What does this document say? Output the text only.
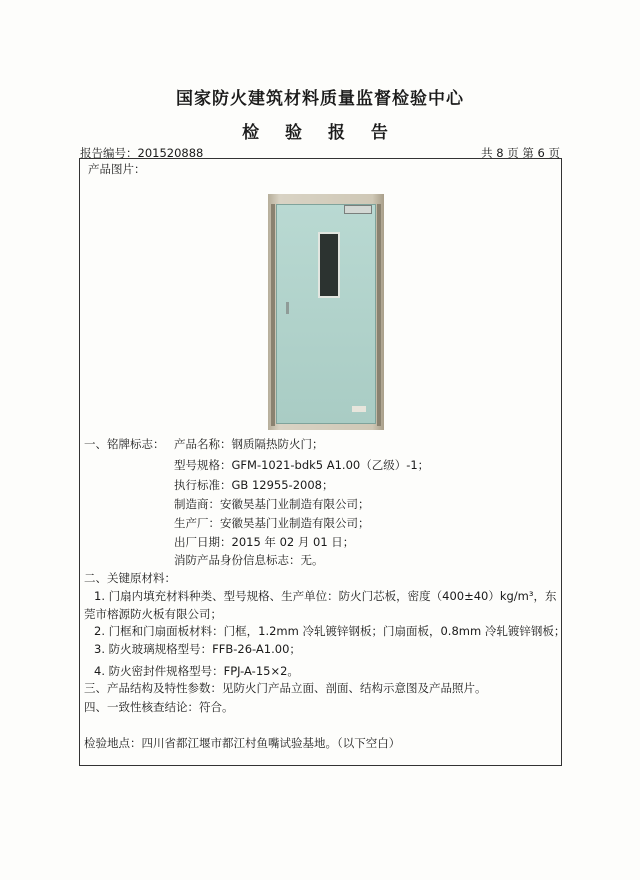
国家防火建筑材料质量监督检验中心
检 验 报 告
报告编号：201520888	共 8 页 第 6 页
产品图片：
一、铭牌标志： 产品名称：钢质隔热防火门；
型号规格：GFM-1021-bdk5 A1.00（乙级）-1；
执行标准：GB 12955-2008；
制造商：安徽昊基门业制造有限公司；
生产厂：安徽昊基门业制造有限公司；
出厂日期：2015 年 02 月 01 日；
消防产品身份信息标志：无。
二、关键原材料：
1. 门扇内填充材料种类、型号规格、生产单位：防火门芯板，密度（400±40）kg/m³，东
莞市榕源防火板有限公司；
2. 门框和门扇面板材料：门框，1.2mm 冷轧镀锌钢板；门扇面板，0.8mm 冷轧镀锌钢板；
3. 防火玻璃规格型号：FFB-26-A1.00；
4. 防火密封件规格型号：FPJ-A-15×2。
三、产品结构及特性参数：见防火门产品立面、剖面、结构示意图及产品照片。
四、一致性核查结论：符合。
检验地点：四川省都江堰市都江村鱼嘴试验基地。（以下空白）
